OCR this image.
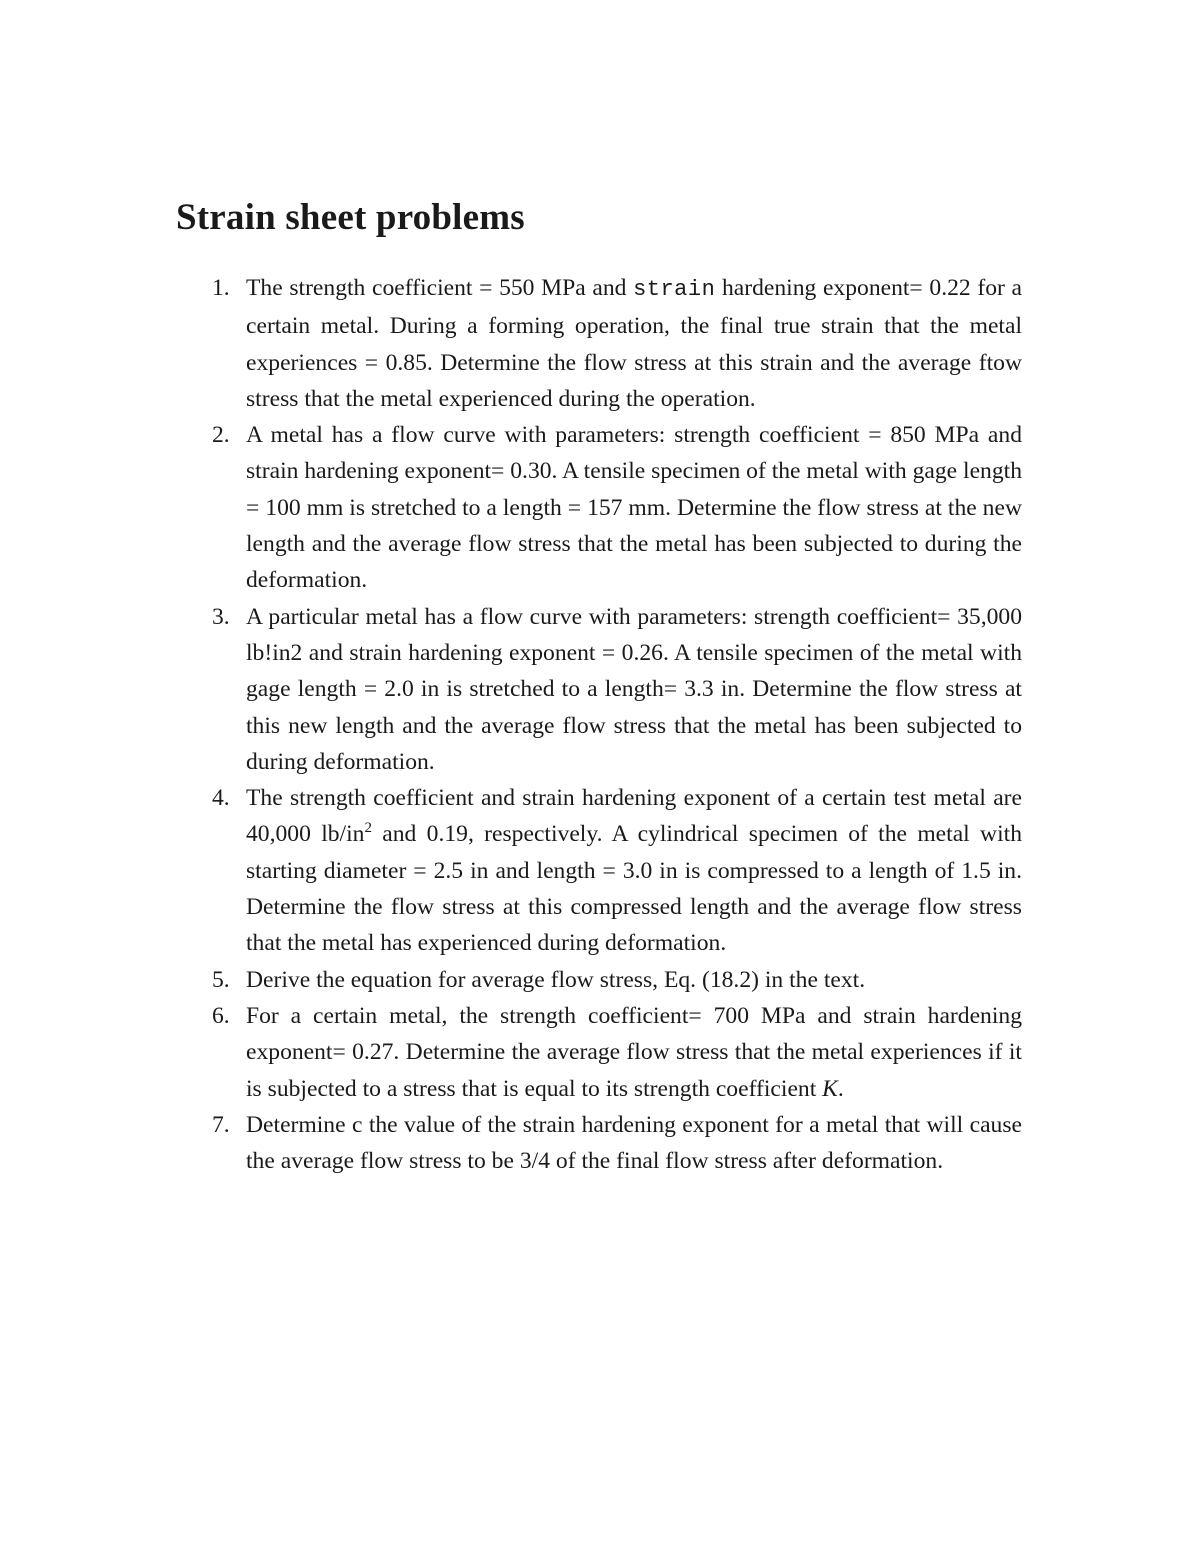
Strain sheet problems
1. The strength coefficient = 550 MPa and strain hardening exponent= 0.22 for a certain metal. During a forming operation, the final true strain that the metal experiences = 0.85. Determine the flow stress at this strain and the average ftow stress that the metal experienced during the operation.
2. A metal has a flow curve with parameters: strength coefficient = 850 MPa and strain hardening exponent= 0.30. A tensile specimen of the metal with gage length = 100 mm is stretched to a length = 157 mm. Determine the flow stress at the new length and the average flow stress that the metal has been subjected to during the deformation.
3. A particular metal has a flow curve with parameters: strength coefficient= 35,000 lb!in2 and strain hardening exponent = 0.26. A tensile specimen of the metal with gage length = 2.0 in is stretched to a length= 3.3 in. Determine the flow stress at this new length and the average flow stress that the metal has been subjected to during deformation.
4. The strength coefficient and strain hardening exponent of a certain test metal are 40,000 $lb/in^2$ and 0.19, respectively. A cylindrical specimen of the metal with starting diameter = 2.5 in and length = 3.0 in is compressed to a length of 1.5 in. Determine the flow stress at this compressed length and the average flow stress that the metal has experienced during deformation.
5. Derive the equation for average flow stress, Eq. (18.2) in the text.
6. For a certain metal, the strength coefficient= 700 MPa and strain hardening exponent= 0.27. Determine the average flow stress that the metal experiences if it is subjected to a stress that is equal to its strength coefficient K.
7. Determine c the value of the strain hardening exponent for a metal that will cause the average flow stress to be 3/4 of the final flow stress after deformation.
